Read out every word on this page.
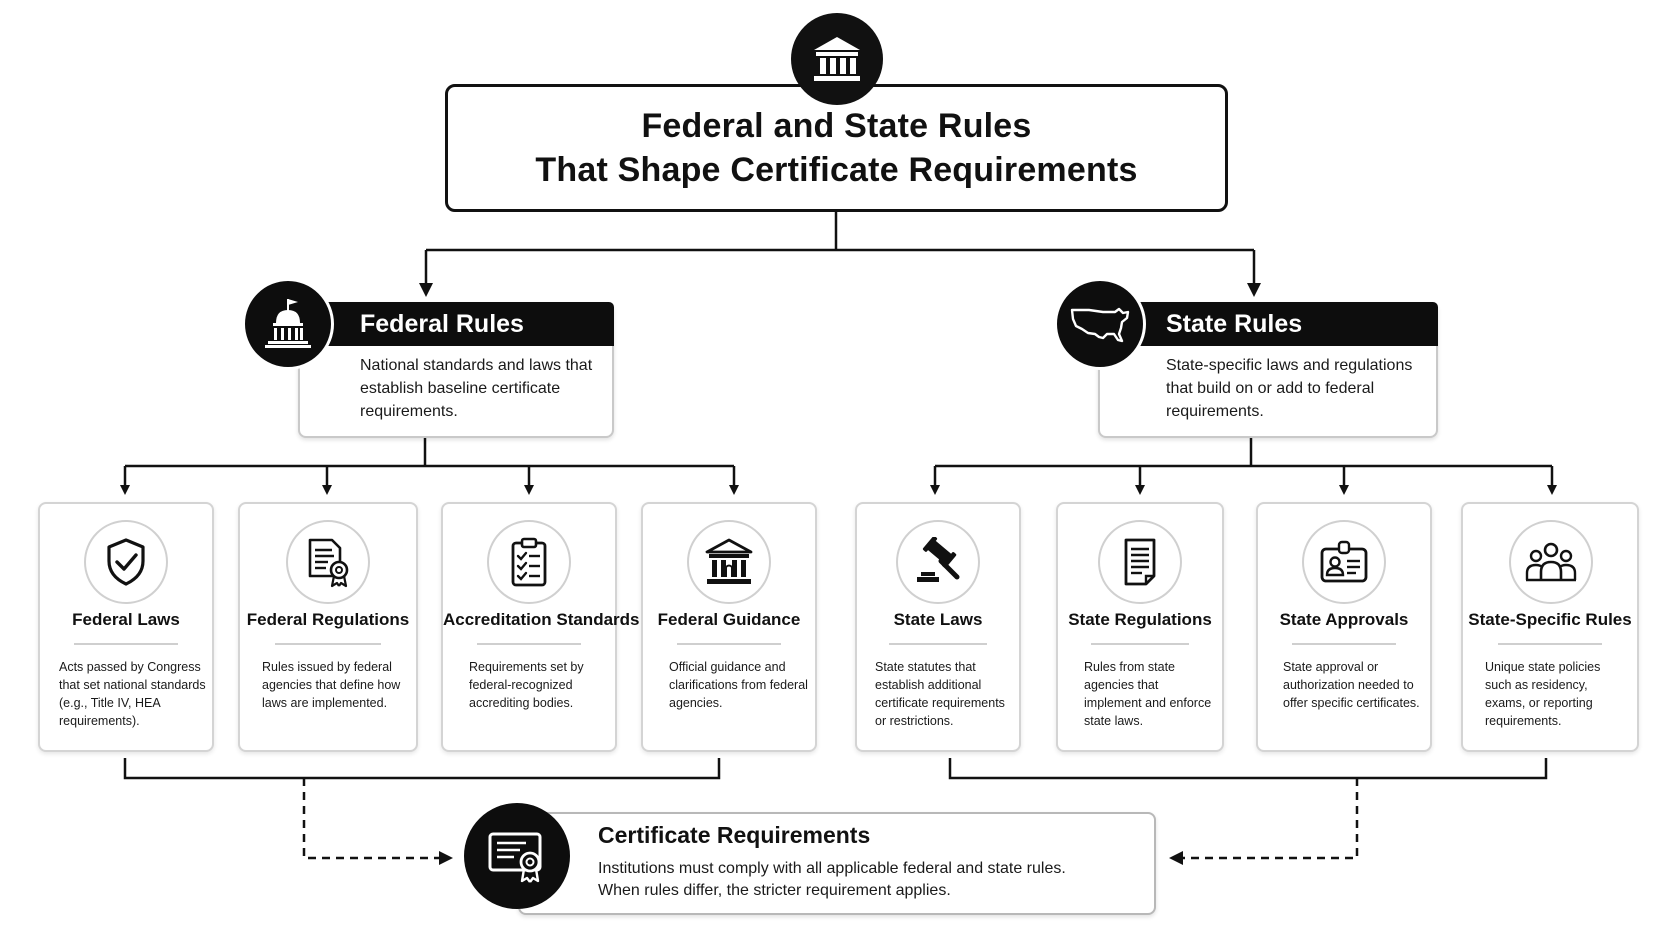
Federal and State Rules
That Shape Certificate Requirements
Federal Rules
National standards and laws that establish baseline certificate requirements.
State Rules
State-specific laws and regulations that build on or add to federal requirements.
Federal Laws
Acts passed by Congress that set national standards (e.g., Title IV, HEA requirements).
Federal Regulations
Rules issued by federal agencies that define how laws are implemented.
Accreditation Standards
Requirements set by federal-recognized accrediting bodies.
Federal Guidance
Official guidance and clarifications from federal agencies.
State Laws
State statutes that establish additional certificate requirements or restrictions.
State Regulations
Rules from state agencies that implement and enforce state laws.
State Approvals
State approval or authorization needed to offer specific certificates.
State-Specific Rules
Unique state policies such as residency, exams, or reporting requirements.
Certificate Requirements
Institutions must comply with all applicable federal and state rules.
When rules differ, the stricter requirement applies.
